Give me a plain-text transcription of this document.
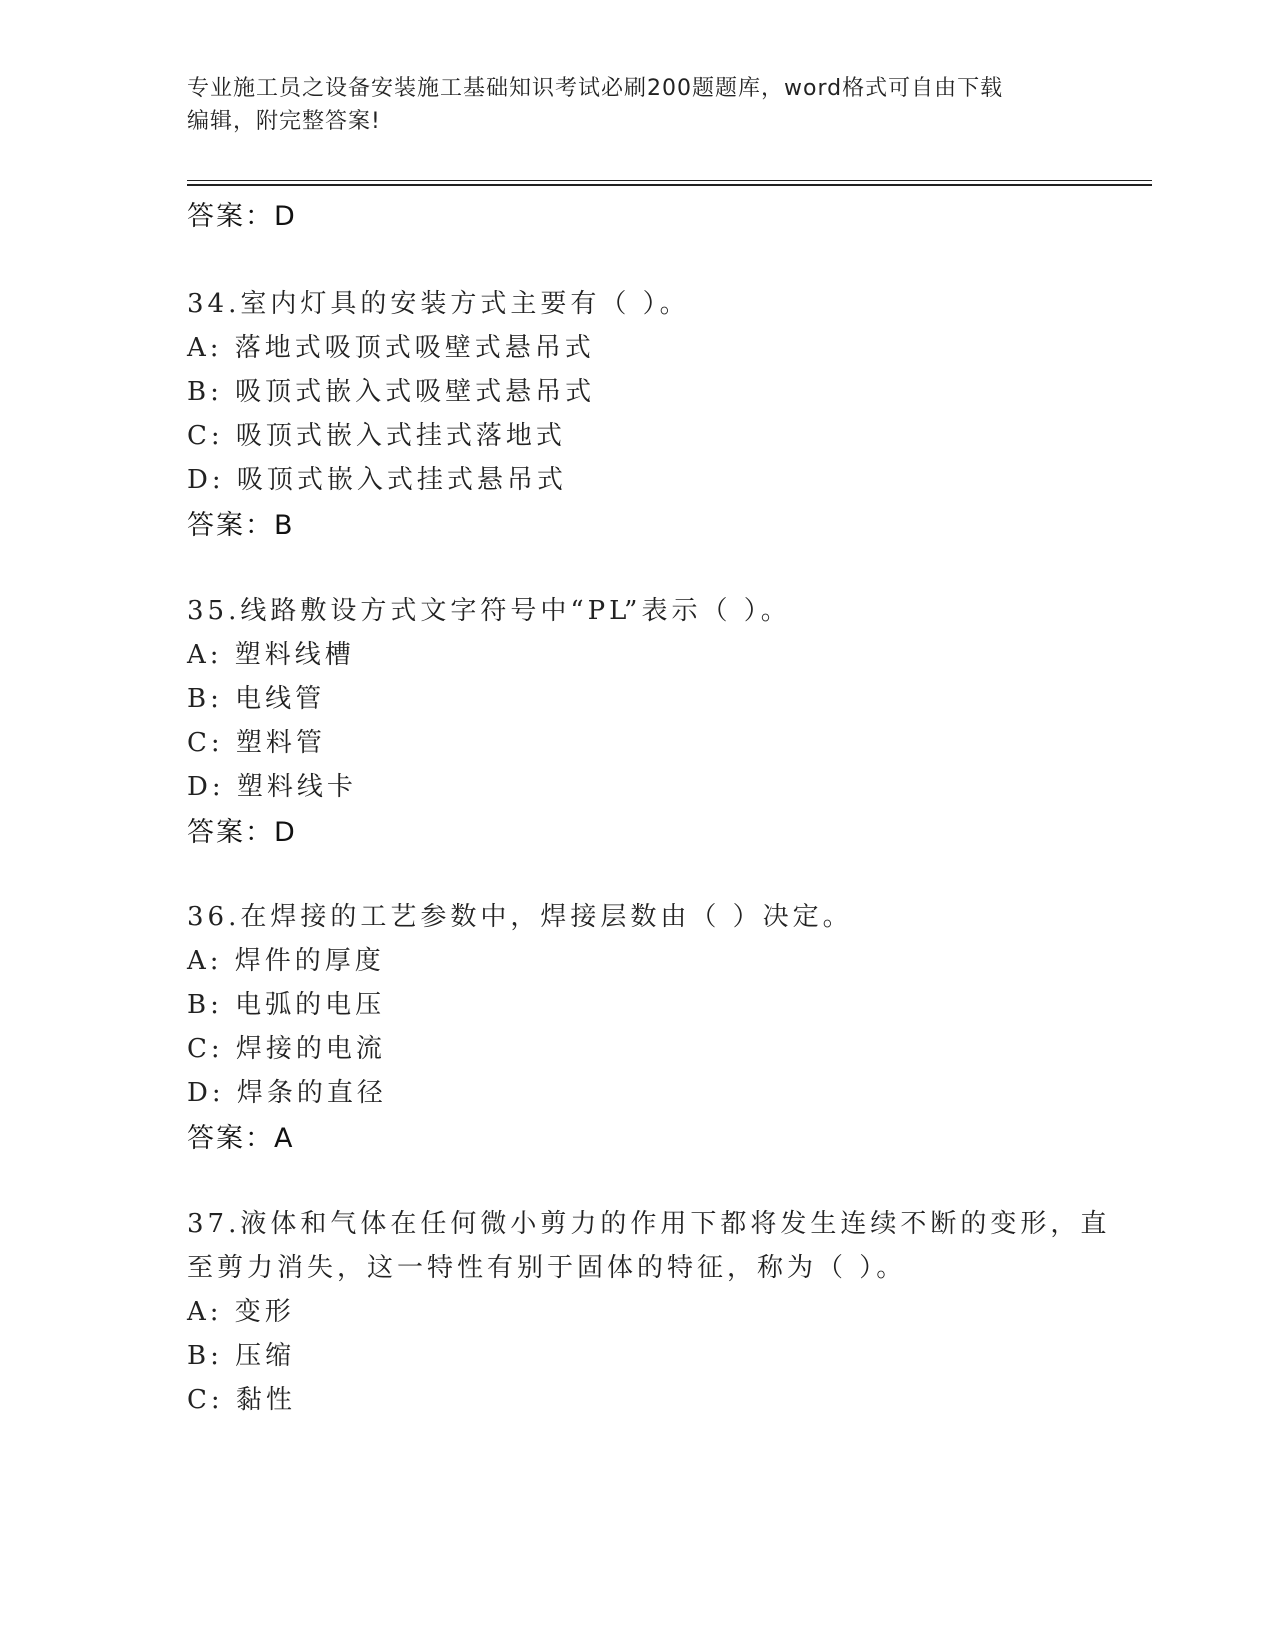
专业施工员之设备安装施工基础知识考试必刷200题题库，word格式可自由下载
编辑，附完整答案!
答案：D
34.室内灯具的安装方式主要有（ ）。
A: 落地式吸顶式吸壁式悬吊式
B: 吸顶式嵌入式吸壁式悬吊式
C: 吸顶式嵌入式挂式落地式
D: 吸顶式嵌入式挂式悬吊式
答案：B
35.线路敷设方式文字符号中“PL”表示（ ）。
A: 塑料线槽
B: 电线管
C: 塑料管
D: 塑料线卡
答案：D
36.在焊接的工艺参数中，焊接层数由（ ）决定。
A: 焊件的厚度
B: 电弧的电压
C: 焊接的电流
D: 焊条的直径
答案：A
37.液体和气体在任何微小剪力的作用下都将发生连续不断的变形，直
至剪力消失，这一特性有别于固体的特征，称为（ ）。
A: 变形
B: 压缩
C: 黏性
